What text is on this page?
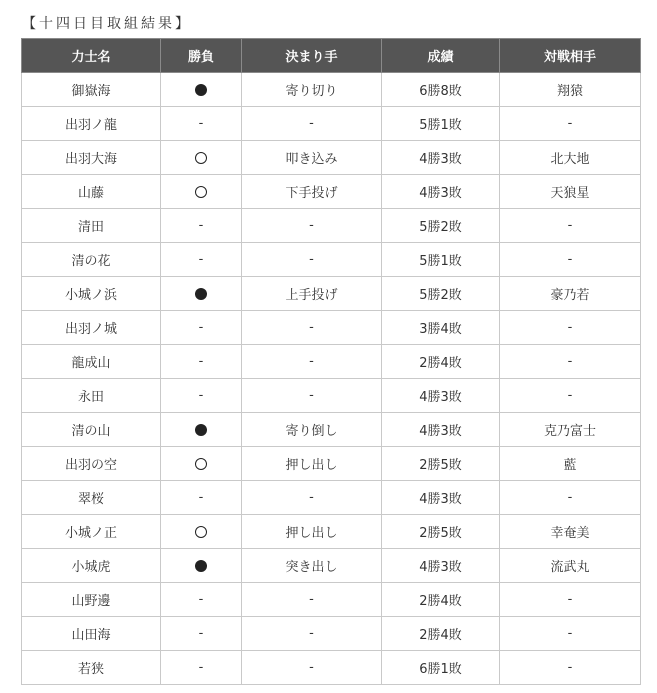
【十四日目取組結果】
力士名	勝負	決まり手	成績	対戦相手
御嶽海		寄り切り	6勝8敗	翔猿
出羽ノ龍	-	-	5勝1敗	-
出羽大海		叩き込み	4勝3敗	北大地
山藤		下手投げ	4勝3敗	天狼星
清田	-	-	5勝2敗	-
清の花	-	-	5勝1敗	-
小城ノ浜		上手投げ	5勝2敗	豪乃若
出羽ノ城	-	-	3勝4敗	-
龍成山	-	-	2勝4敗	-
永田	-	-	4勝3敗	-
清の山		寄り倒し	4勝3敗	克乃富士
出羽の空		押し出し	2勝5敗	藍
翠桜	-	-	4勝3敗	-
小城ノ正		押し出し	2勝5敗	幸奄美
小城虎		突き出し	4勝3敗	流武丸
山野邊	-	-	2勝4敗	-
山田海	-	-	2勝4敗	-
若狭	-	-	6勝1敗	-
